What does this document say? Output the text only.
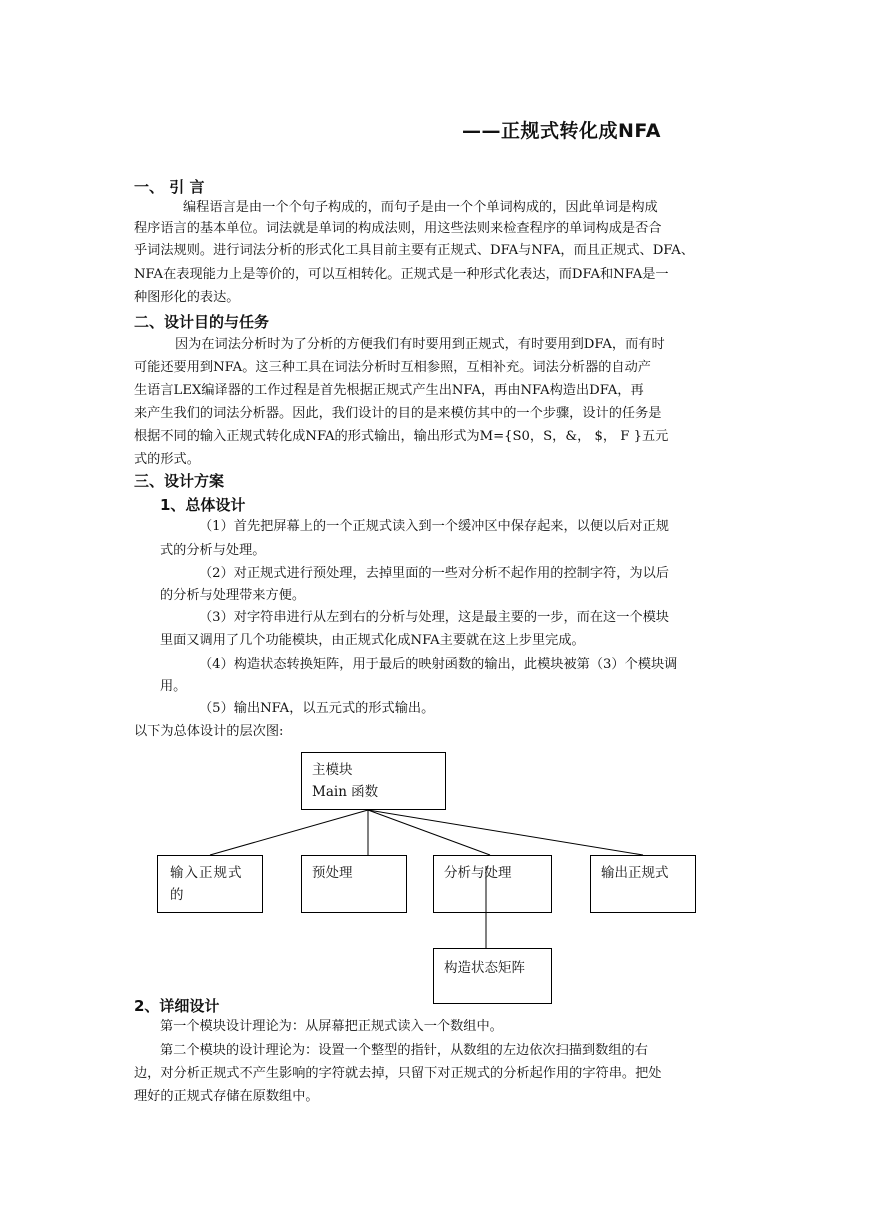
——正规式转化成NFA
一、 引 言
编程语言是由一个个句子构成的，而句子是由一个个单词构成的，因此单词是构成
程序语言的基本单位。词法就是单词的构成法则，用这些法则来检查程序的单词构成是否合
乎词法规则。进行词法分析的形式化工具目前主要有正规式、DFA与NFA，而且正规式、DFA、
NFA在表现能力上是等价的，可以互相转化。正规式是一种形式化表达，而DFA和NFA是一
种图形化的表达。
二、设计目的与任务
因为在词法分析时为了分析的方便我们有时要用到正规式，有时要用到DFA，而有时
可能还要用到NFA。这三种工具在词法分析时互相参照，互相补充。词法分析器的自动产
生语言LEX编译器的工作过程是首先根据正规式产生出NFA，再由NFA构造出DFA，再
来产生我们的词法分析器。因此，我们设计的目的是来模仿其中的一个步骤，设计的任务是
根据不同的输入正规式转化成NFA的形式输出，输出形式为M={S0，S，&， $， F }五元
式的形式。
三、设计方案
1、总体设计
（1）首先把屏幕上的一个正规式读入到一个缓冲区中保存起来，以便以后对正规
式的分析与处理。
（2）对正规式进行预处理，去掉里面的一些对分析不起作用的控制字符，为以后
的分析与处理带来方便。
（3）对字符串进行从左到右的分析与处理，这是最主要的一步，而在这一个模块
里面又调用了几个功能模块，由正规式化成NFA主要就在这上步里完成。
（4）构造状态转换矩阵，用于最后的映射函数的输出，此模块被第（3）个模块调
用。
（5）输出NFA，以五元式的形式输出。
以下为总体设计的层次图:
主模块
Main 函数
输入正规式
的
预处理	分析与处理	输出正规式
构造状态矩阵
2、详细设计
第一个模块设计理论为：从屏幕把正规式读入一个数组中。
第二个模块的设计理论为：设置一个整型的指针，从数组的左边依次扫描到数组的右
边，对分析正规式不产生影响的字符就去掉，只留下对正规式的分析起作用的字符串。把处
理好的正规式存储在原数组中。
